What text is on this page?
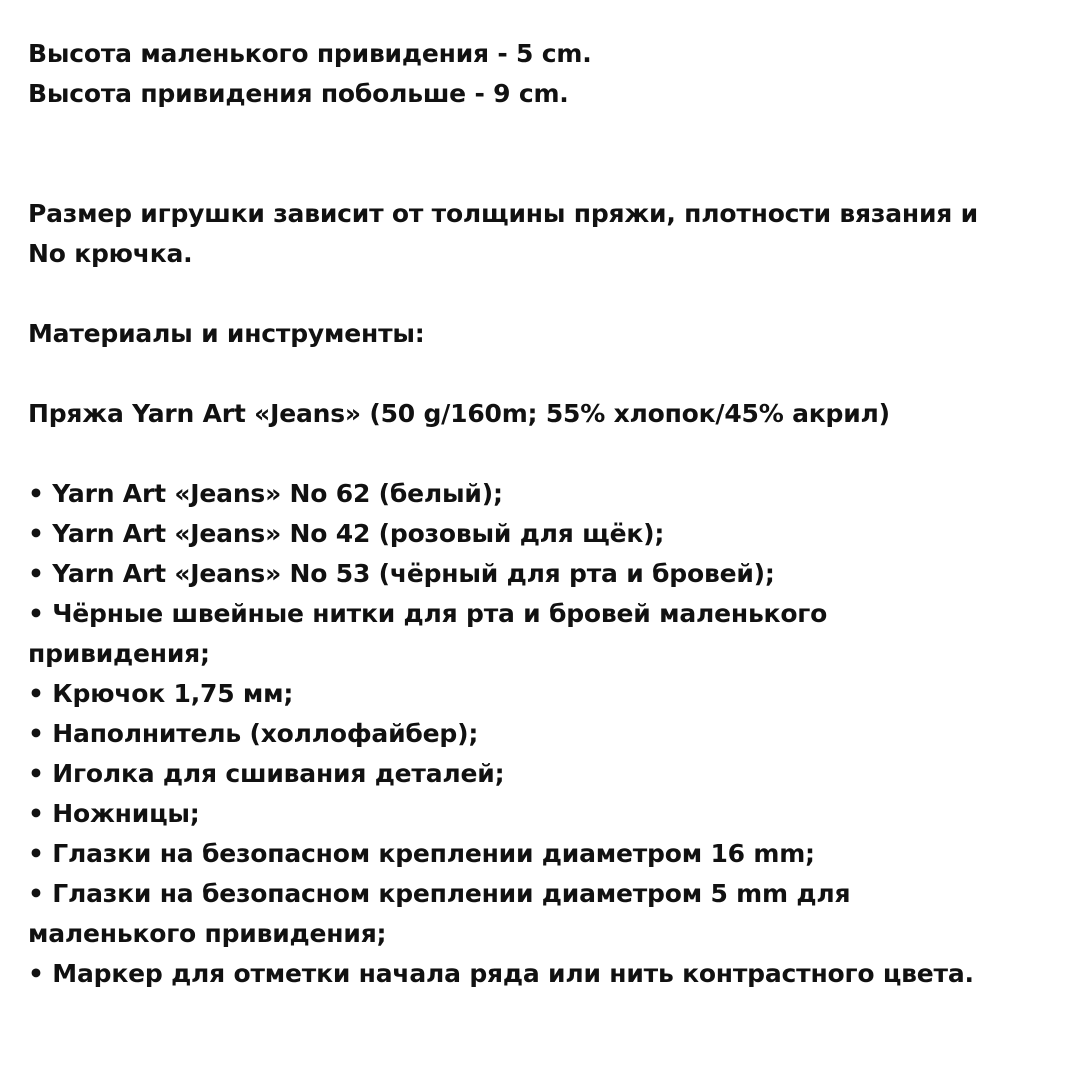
Высота маленького привидения - 5 cm.

Высота привидения побольше - 9 cm.

Размер игрушки зависит от толщины пряжи, плотности вязания и

No крючка.

Материалы и инструменты:

Пряжа Yarn Art «Jeans» (50 g/160m; 55% хлопок/45% акрил)

• Yarn Art «Jeans» No 62 (белый);

• Yarn Art «Jeans» No 42 (розовый для щёк);

• Yarn Art «Jeans» No 53 (чёрный для рта и бровей);

• Чёрные швейные нитки для рта и бровей маленького

привидения;

• Крючок 1,75 мм;

• Наполнитель (холлофайбер);

• Иголка для сшивания деталей;

• Ножницы;

• Глазки на безопасном креплении диаметром 16 mm;

• Глазки на безопасном креплении диаметром 5 mm для

маленького привидения;

• Маркер для отметки начала ряда или нить контрастного цвета.
